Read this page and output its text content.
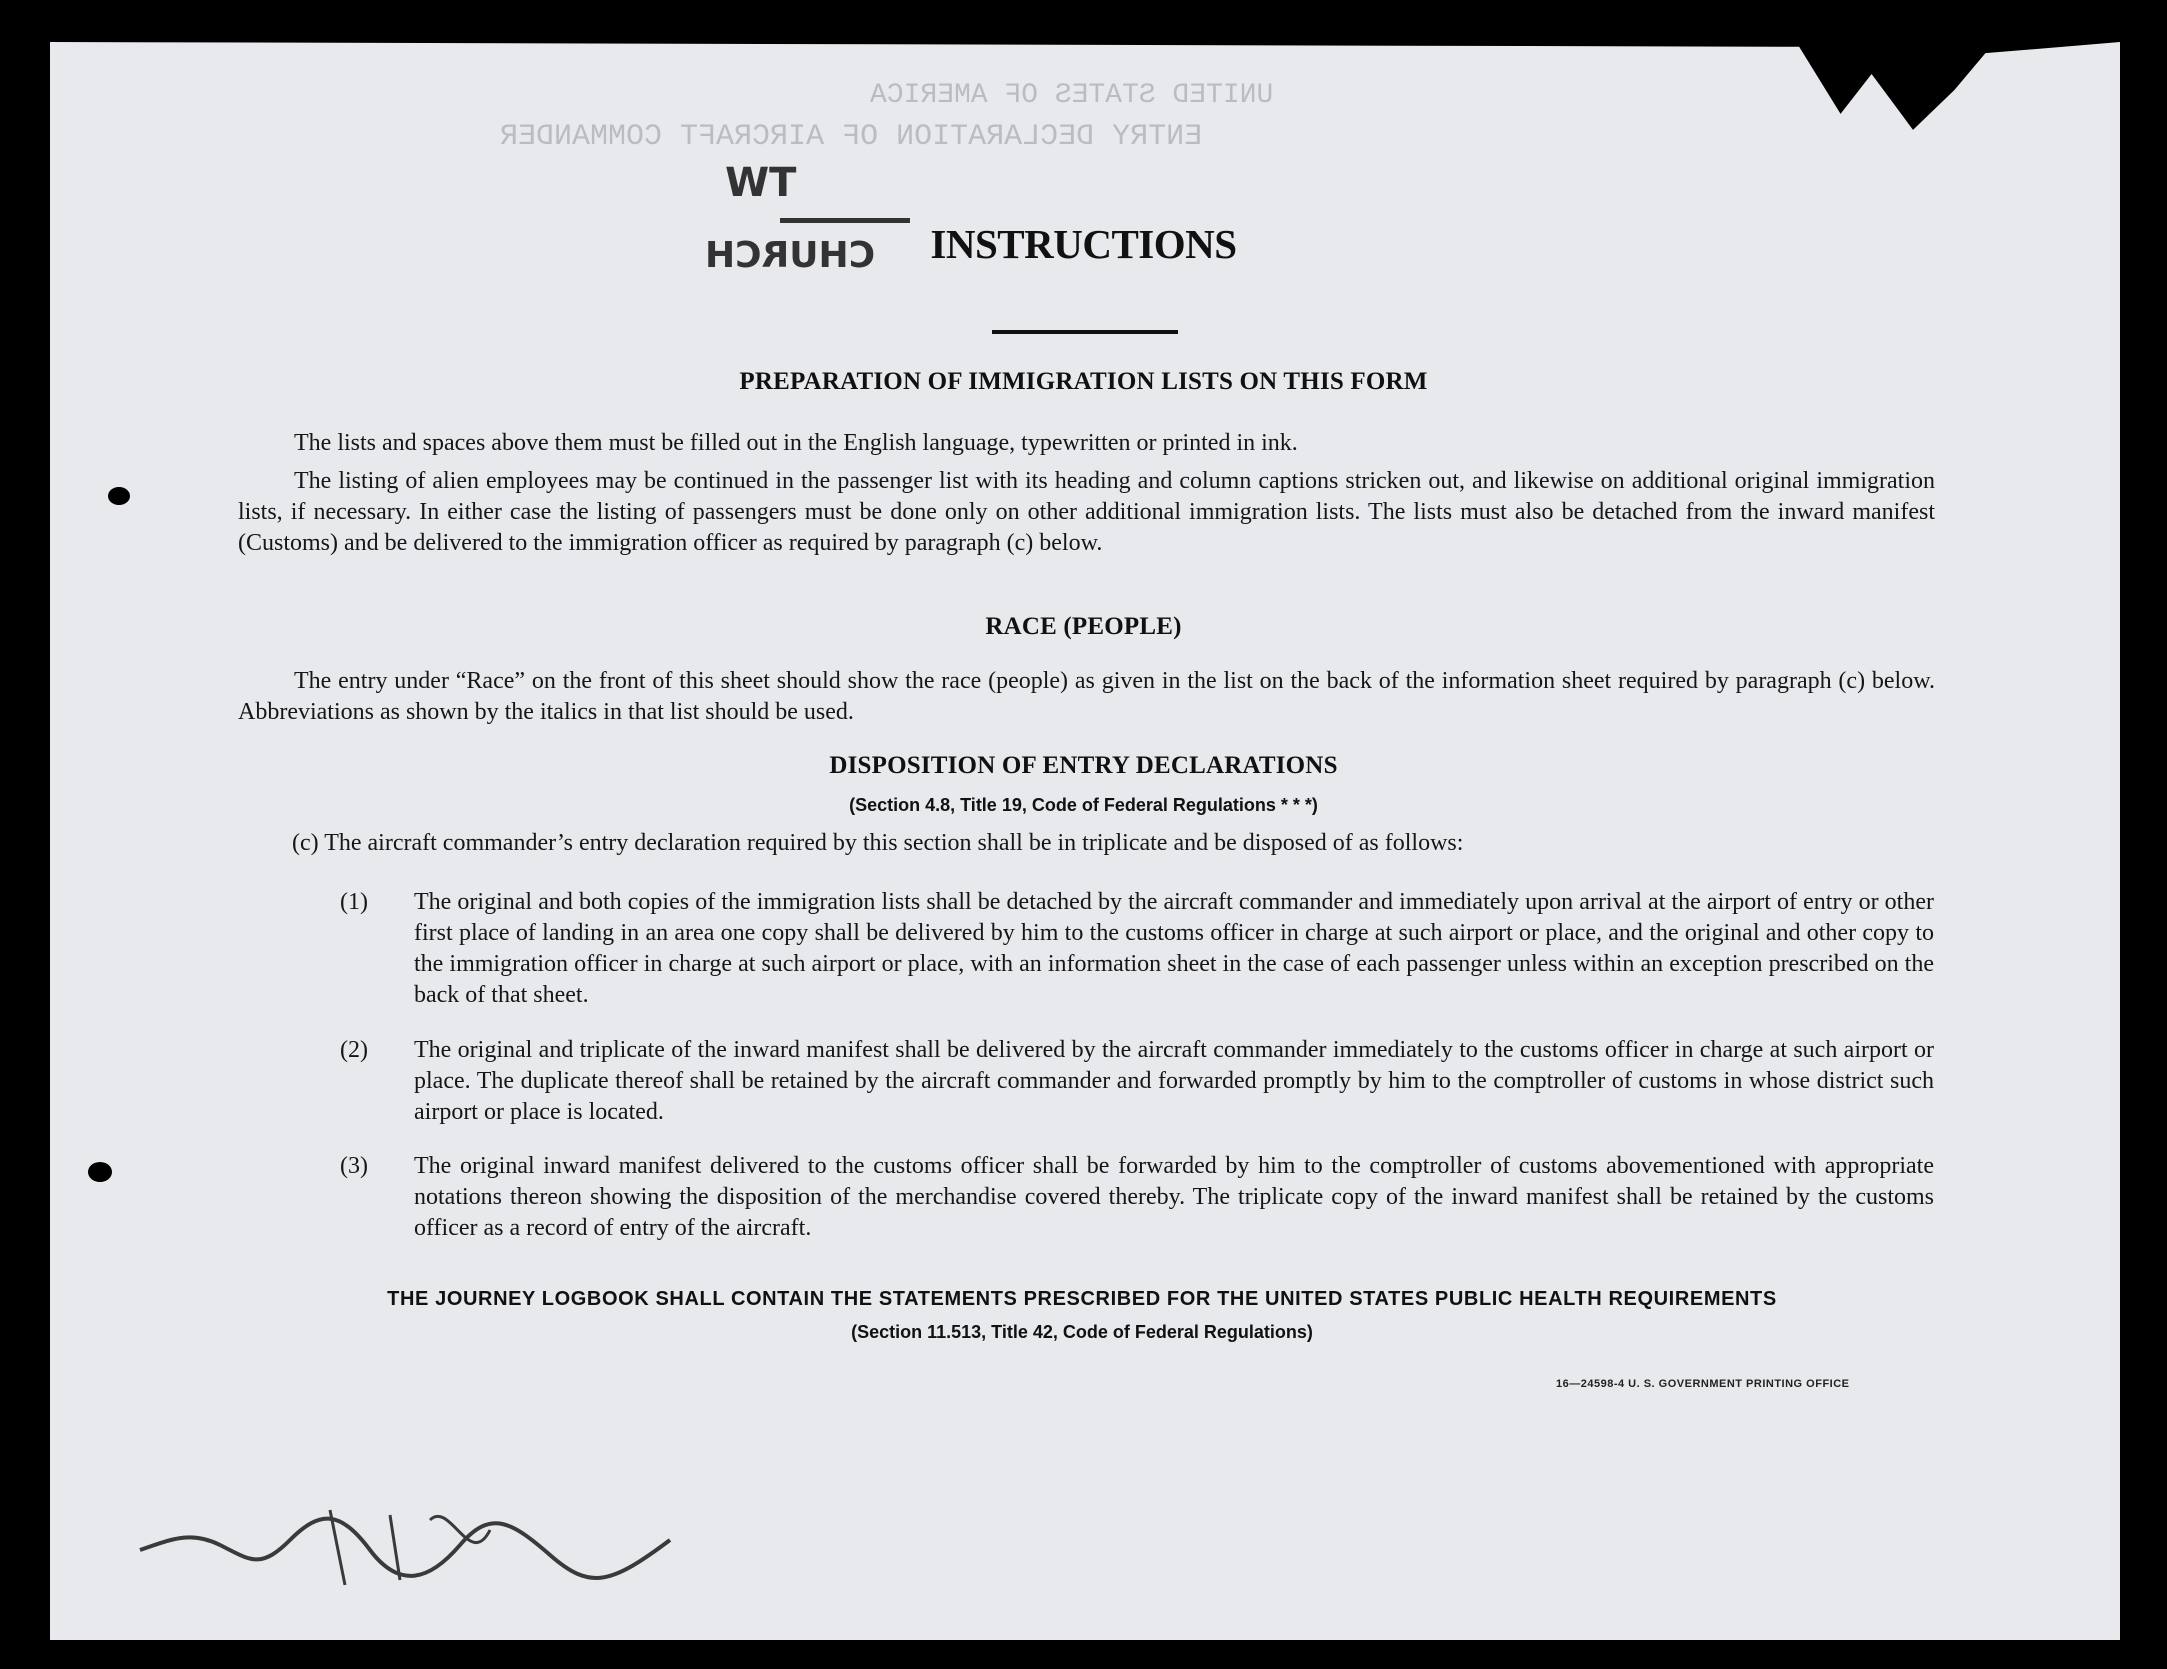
UNITED STATES OF AMERICA
ENTRY DECLARATION OF AIRCRAFT COMMANDER
TW
CHURCH	INSTRUCTIONS
PREPARATION OF IMMIGRATION LISTS ON THIS FORM
The lists and spaces above them must be filled out in the English language, typewritten or printed in ink.
The listing of alien employees may be continued in the passenger list with its heading and column captions stricken out, and likewise on additional original immigration lists, if necessary. In either case the listing of passengers must be done only on other additional immigration lists. The lists must also be detached from the inward manifest (Customs) and be delivered to the immigration officer as required by paragraph (c) below.
RACE (PEOPLE)
The entry under “Race” on the front of this sheet should show the race (people) as given in the list on the back of the information sheet required by paragraph (c) below. Abbreviations as shown by the italics in that list should be used.
DISPOSITION OF ENTRY DECLARATIONS
(Section 4.8, Title 19, Code of Federal Regulations * * *)
(c) The aircraft commander’s entry declaration required by this section shall be in triplicate and be disposed of as follows:
(1) The original and both copies of the immigration lists shall be detached by the aircraft commander and immediately upon arrival at the airport of entry or other first place of landing in an area one copy shall be delivered by him to the customs officer in charge at such airport or place, and the original and other copy to the immigration officer in charge at such airport or place, with an information sheet in the case of each passenger unless within an exception prescribed on the back of that sheet.
(2) The original and triplicate of the inward manifest shall be delivered by the aircraft commander immediately to the customs officer in charge at such airport or place. The duplicate thereof shall be retained by the aircraft commander and forwarded promptly by him to the comptroller of customs in whose district such airport or place is located.
(3) The original inward manifest delivered to the customs officer shall be forwarded by him to the comptroller of customs abovementioned with appropriate notations thereon showing the disposition of the merchandise covered thereby. The triplicate copy of the inward manifest shall be retained by the customs officer as a record of entry of the aircraft.
THE JOURNEY LOGBOOK SHALL CONTAIN THE STATEMENTS PRESCRIBED FOR THE UNITED STATES PUBLIC HEALTH REQUIREMENTS
(Section 11.513, Title 42, Code of Federal Regulations)
16—24598-4 U. S. GOVERNMENT PRINTING OFFICE
